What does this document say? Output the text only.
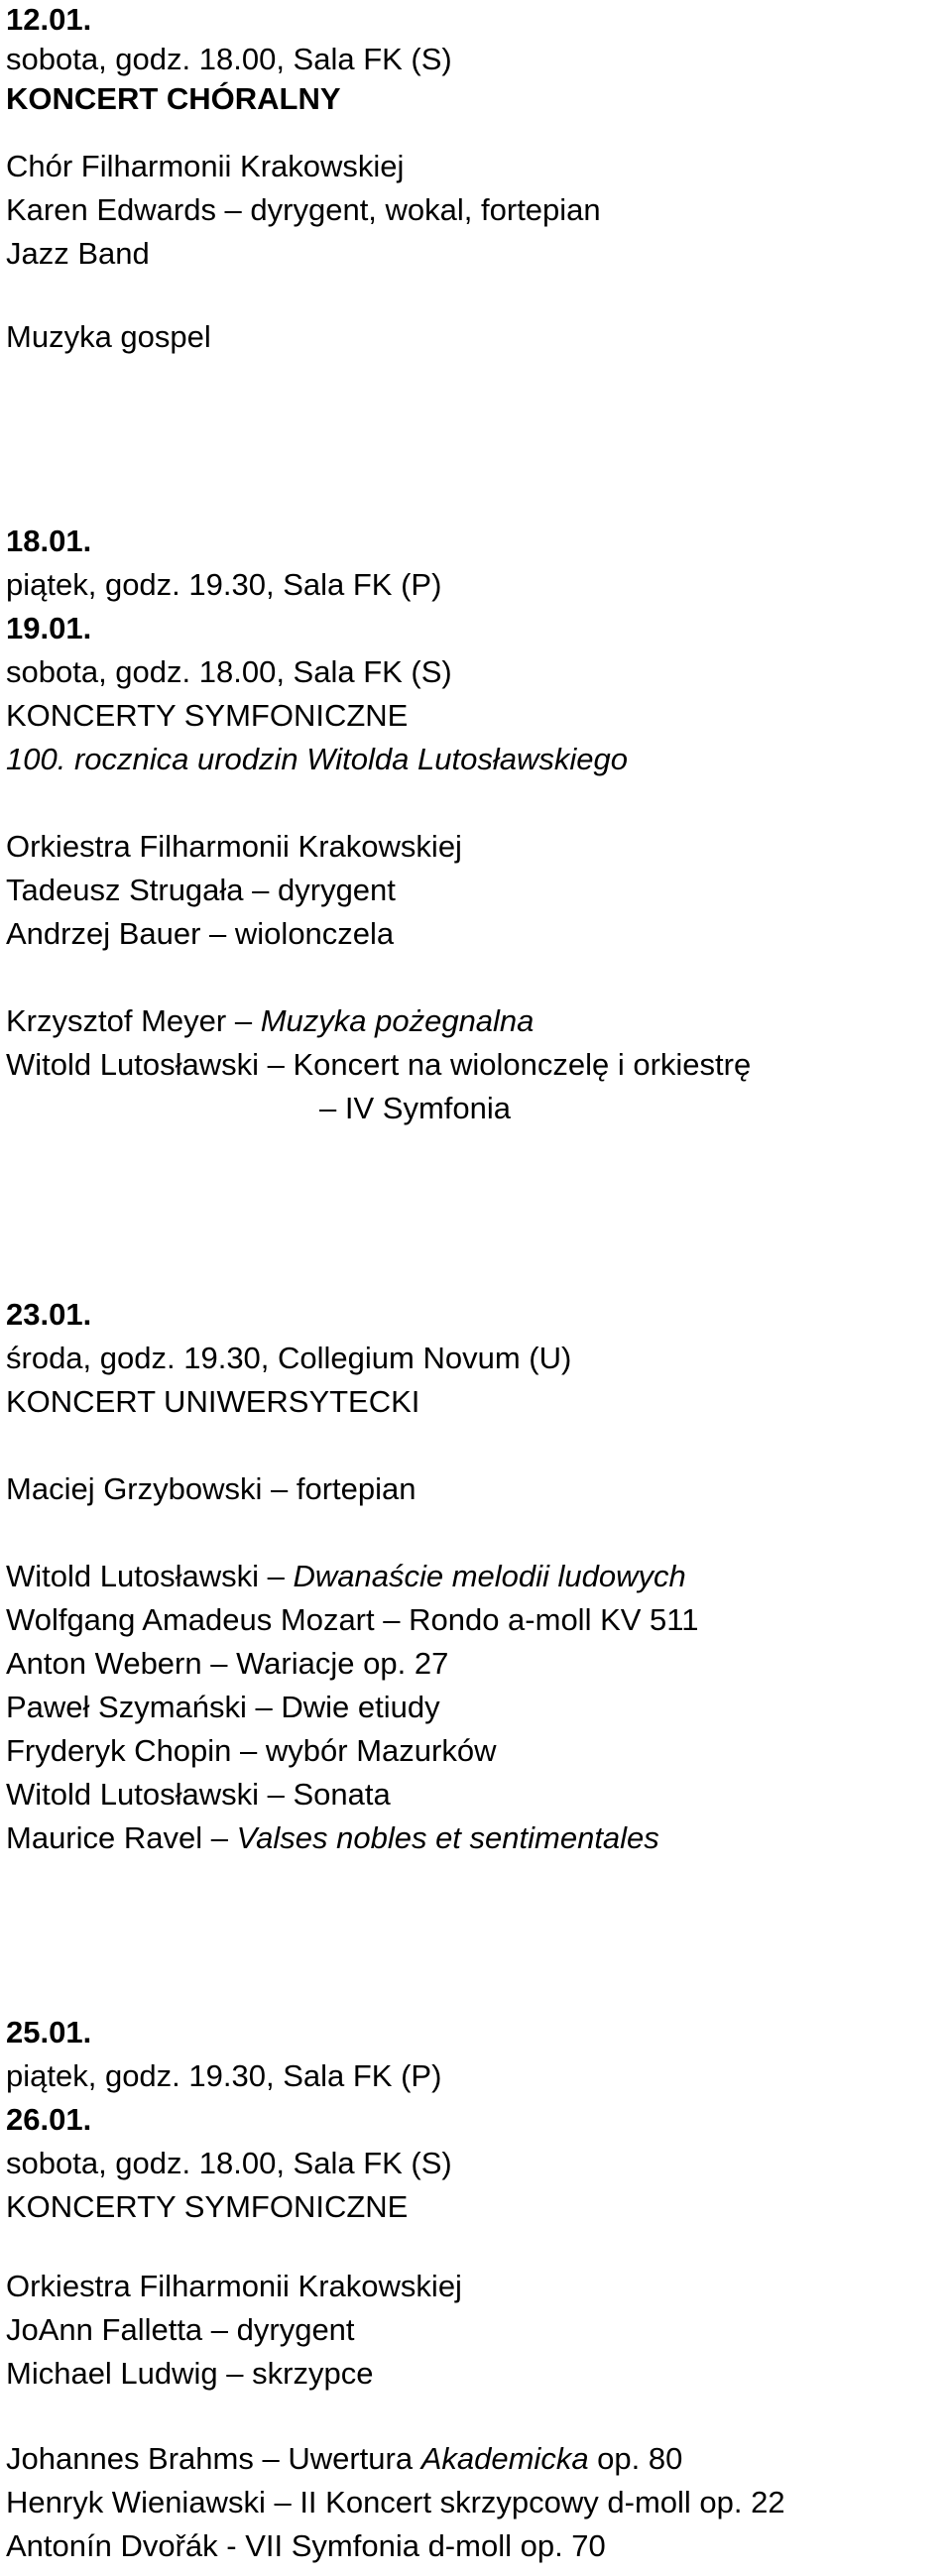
12.01.
sobota, godz. 18.00, Sala FK (S)
KONCERT CHÓRALNY
Chór Filharmonii Krakowskiej
Karen Edwards – dyrygent, wokal, fortepian
Jazz Band
Muzyka gospel
18.01.
piątek, godz. 19.30, Sala FK (P)
19.01.
sobota, godz. 18.00, Sala FK (S)
KONCERTY SYMFONICZNE
100. rocznica urodzin Witolda Lutosławskiego
Orkiestra Filharmonii Krakowskiej
Tadeusz Strugała – dyrygent
Andrzej Bauer – wiolonczela
Krzysztof Meyer – Muzyka pożegnalna
Witold Lutosławski – Koncert na wiolonczelę i orkiestrę
– IV Symfonia
23.01.
środa, godz. 19.30, Collegium Novum (U)
KONCERT UNIWERSYTECKI
Maciej Grzybowski – fortepian
Witold Lutosławski – Dwanaście melodii ludowych
Wolfgang Amadeus Mozart – Rondo a-moll KV 511
Anton Webern – Wariacje op. 27
Paweł Szymański – Dwie etiudy
Fryderyk Chopin – wybór Mazurków
Witold Lutosławski – Sonata
Maurice Ravel – Valses nobles et sentimentales
25.01.
piątek, godz. 19.30, Sala FK (P)
26.01.
sobota, godz. 18.00, Sala FK (S)
KONCERTY SYMFONICZNE
Orkiestra Filharmonii Krakowskiej
JoAnn Falletta – dyrygent
Michael Ludwig – skrzypce
Johannes Brahms – Uwertura Akademicka op. 80
Henryk Wieniawski – II Koncert skrzypcowy d-moll op. 22
Antonín Dvořák - VII Symfonia d-moll op. 70
